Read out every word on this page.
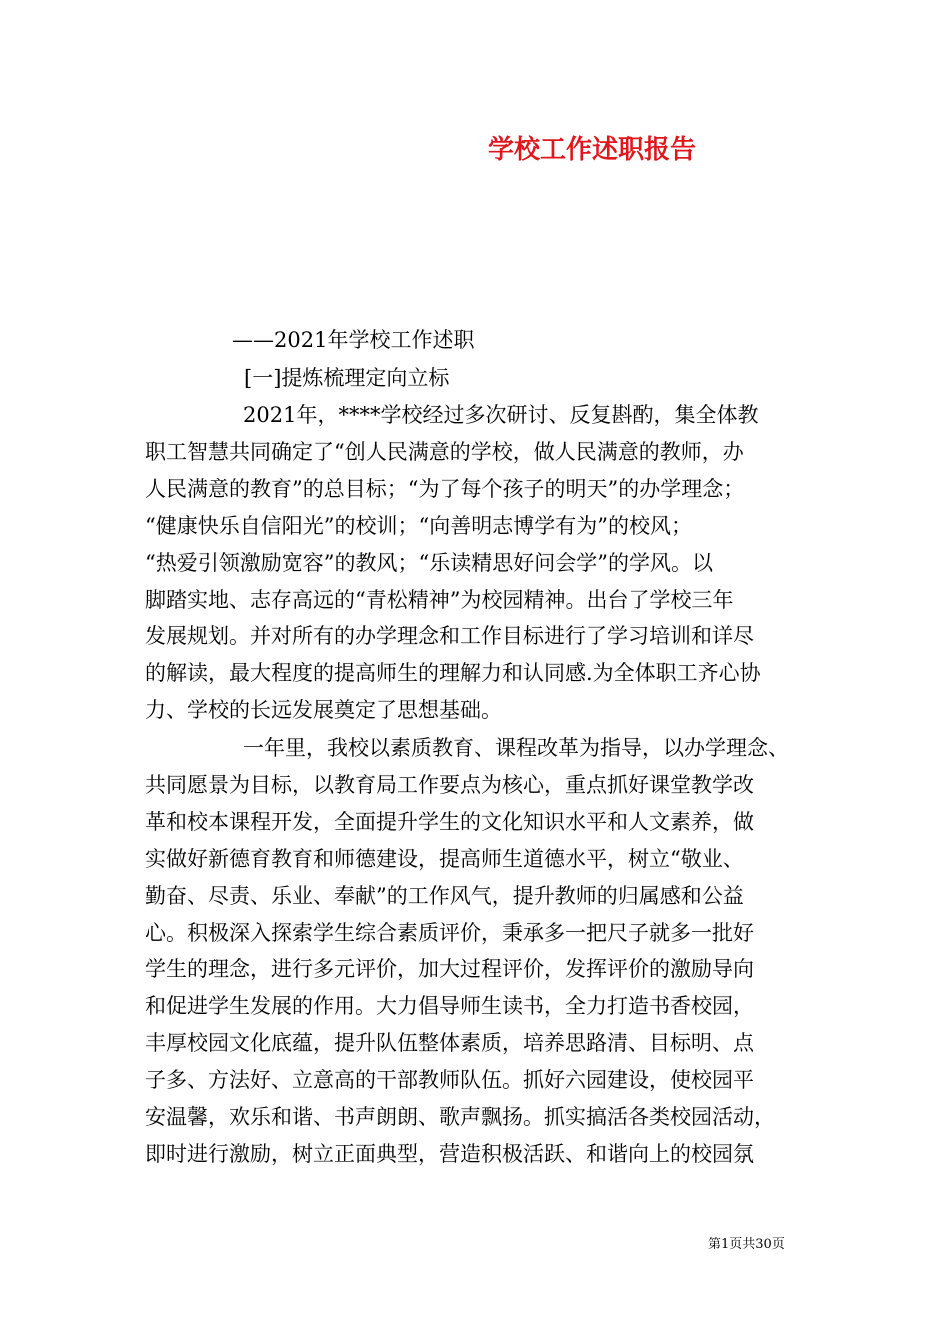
学校工作述职报告

——2021年学校工作述职

[一]提炼梳理定向立标

2021年，****学校经过多次研讨、反复斟酌，集全体教
职工智慧共同确定了“创人民满意的学校，做人民满意的教师，办
人民满意的教育”的总目标；“为了每个孩子的明天”的办学理念；
“健康快乐自信阳光”的校训；“向善明志博学有为”的校风；
“热爱引领激励宽容”的教风；“乐读精思好问会学”的学风。以
脚踏实地、志存高远的“青松精神”为校园精神。出台了学校三年
发展规划。并对所有的办学理念和工作目标进行了学习培训和详尽
的解读，最大程度的提高师生的理解力和认同感.为全体职工齐心协
力、学校的长远发展奠定了思想基础。
一年里，我校以素质教育、课程改革为指导，以办学理念、
共同愿景为目标，以教育局工作要点为核心，重点抓好课堂教学改
革和校本课程开发，全面提升学生的文化知识水平和人文素养，做
实做好新德育教育和师德建设，提高师生道德水平，树立“敬业、
勤奋、尽责、乐业、奉献”的工作风气，提升教师的归属感和公益
心。积极深入探索学生综合素质评价，秉承多一把尺子就多一批好
学生的理念，进行多元评价，加大过程评价，发挥评价的激励导向
和促进学生发展的作用。大力倡导师生读书，全力打造书香校园，
丰厚校园文化底蕴，提升队伍整体素质，培养思路清、目标明、点
子多、方法好、立意高的干部教师队伍。抓好六园建设，使校园平
安温馨，欢乐和谐、书声朗朗、歌声飘扬。抓实搞活各类校园活动，
即时进行激励，树立正面典型，营造积极活跃、和谐向上的校园氛

第1页共30页
